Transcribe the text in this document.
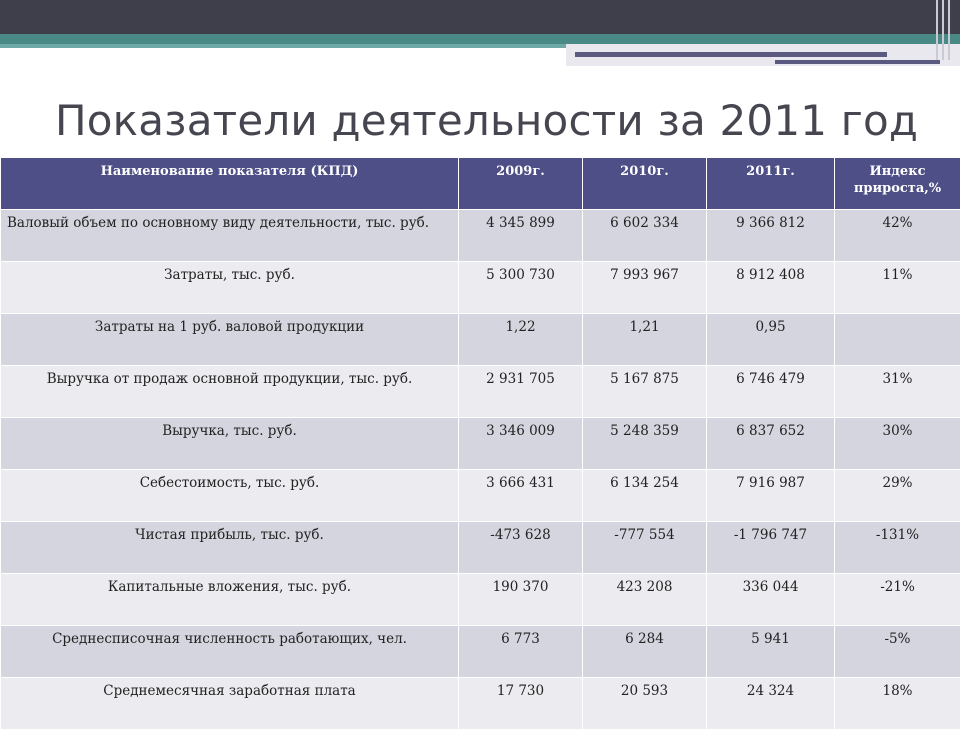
Показатели деятельности за 2011 год
Наименование показателя (КПД)	2009г.	2010г.	2011г.	Индекс прироста,%
Валовый объем по основному виду деятельности, тыс. руб.	4 345 899	6 602 334	9 366 812	42%
Затраты, тыс. руб.	5 300 730	7 993 967	8 912 408	11%
Затраты на 1 руб. валовой продукции	1,22	1,21	0,95	
Выручка от продаж основной продукции, тыс. руб.	2 931 705	5 167 875	6 746 479	31%
Выручка, тыс. руб.	3 346 009	5 248 359	6 837 652	30%
Себестоимость, тыс. руб.	3 666 431	6 134 254	7 916 987	29%
Чистая прибыль, тыс. руб.	-473 628	-777 554	-1 796 747	-131%
Капитальные вложения, тыс. руб.	190 370	423 208	336 044	-21%
Среднесписочная численность работающих, чел.	6 773	6 284	5 941	-5%
Среднемесячная заработная плата	17 730	20 593	24 324	18%
